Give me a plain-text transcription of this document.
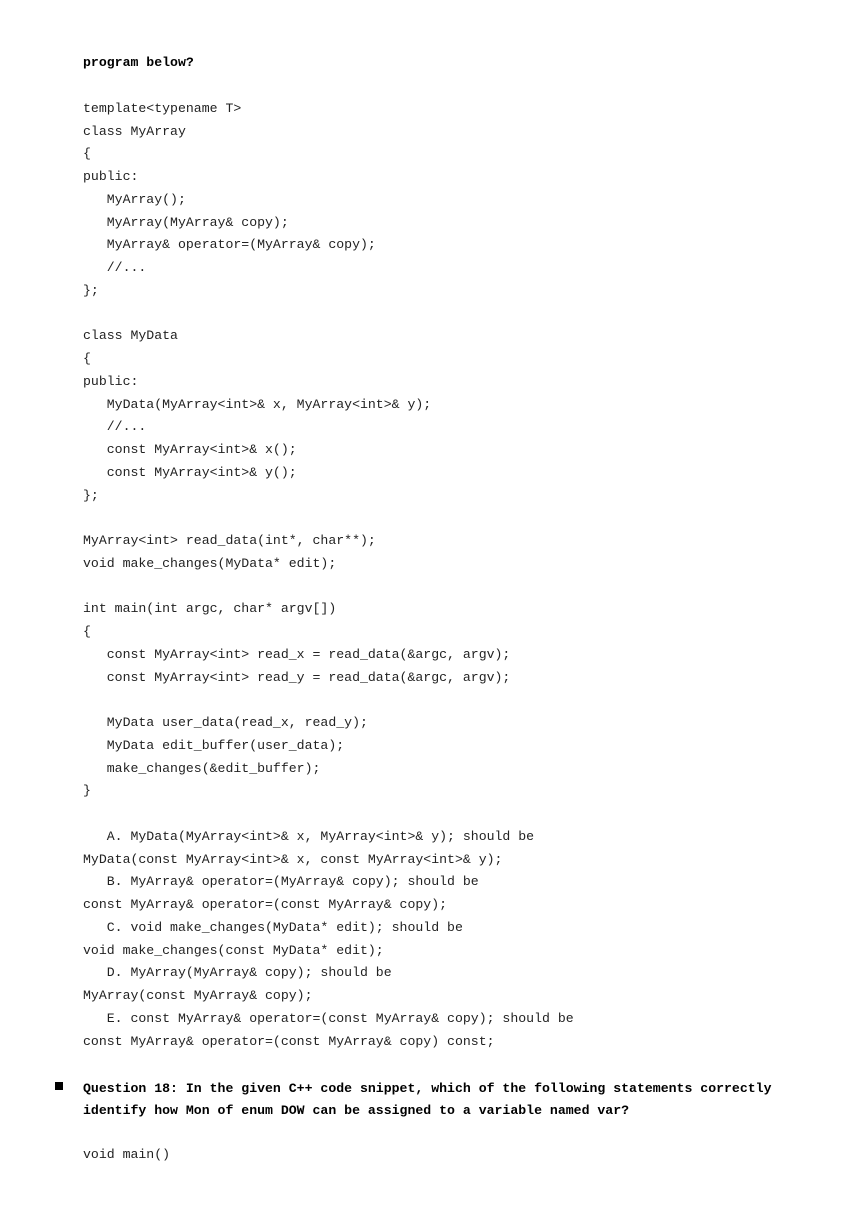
program below?
template<typename T>
class MyArray
{
public:
MyArray();
MyArray(MyArray& copy);
MyArray& operator=(MyArray& copy);
//...
};
class MyData
{
public:
MyData(MyArray<int>& x, MyArray<int>& y);
//...
const MyArray<int>& x();
const MyArray<int>& y();
};
MyArray<int> read_data(int*, char**);
void make_changes(MyData* edit);
int main(int argc, char* argv[])
{
const MyArray<int> read_x = read_data(&argc, argv);
const MyArray<int> read_y = read_data(&argc, argv);
MyData user_data(read_x, read_y);
MyData edit_buffer(user_data);
make_changes(&edit_buffer);
}
A. MyData(MyArray<int>& x, MyArray<int>& y); should be
MyData(const MyArray<int>& x, const MyArray<int>& y);
B. MyArray& operator=(MyArray& copy); should be
const MyArray& operator=(const MyArray& copy);
C. void make_changes(MyData* edit); should be
void make_changes(const MyData* edit);
D. MyArray(MyArray& copy); should be
MyArray(const MyArray& copy);
E. const MyArray& operator=(const MyArray& copy); should be
const MyArray& operator=(const MyArray& copy) const;
Question 18: In the given C++ code snippet, which of the following statements correctly identify how Mon of enum DOW can be assigned to a variable named var?
void main()
